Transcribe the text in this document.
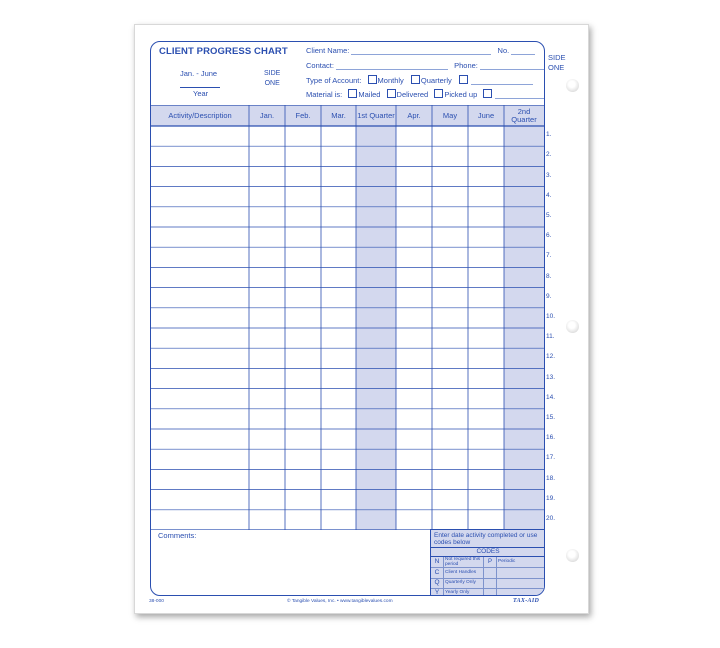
CLIENT PROGRESS CHART
Jan. - June
Year
SIDE
ONE
Client Name:	No.
Contact:	Phone:
Type of Account: Monthly Quarterly
Material is: Mailed Delivered Picked up
Activity/Description	Jan.	Feb.	Mar.	1st Quarter	Apr.	May	June	2nd Quarter
Comments:	Enter date activity completed or use codes below
CODES
N	Not required this period	P	Periodic
C	Client Handles
Q	Quarterly Only
Y	Yearly Only
SIDE
ONE
1.
2.
3.
4.
5.
6.
7.
8.
9.
10.
11.
12.
13.
14.
15.
16.
17.
18.
19.
20.
38-000	© Tangible Values, Inc. • www.tangiblevalues.com	TAX-AID
